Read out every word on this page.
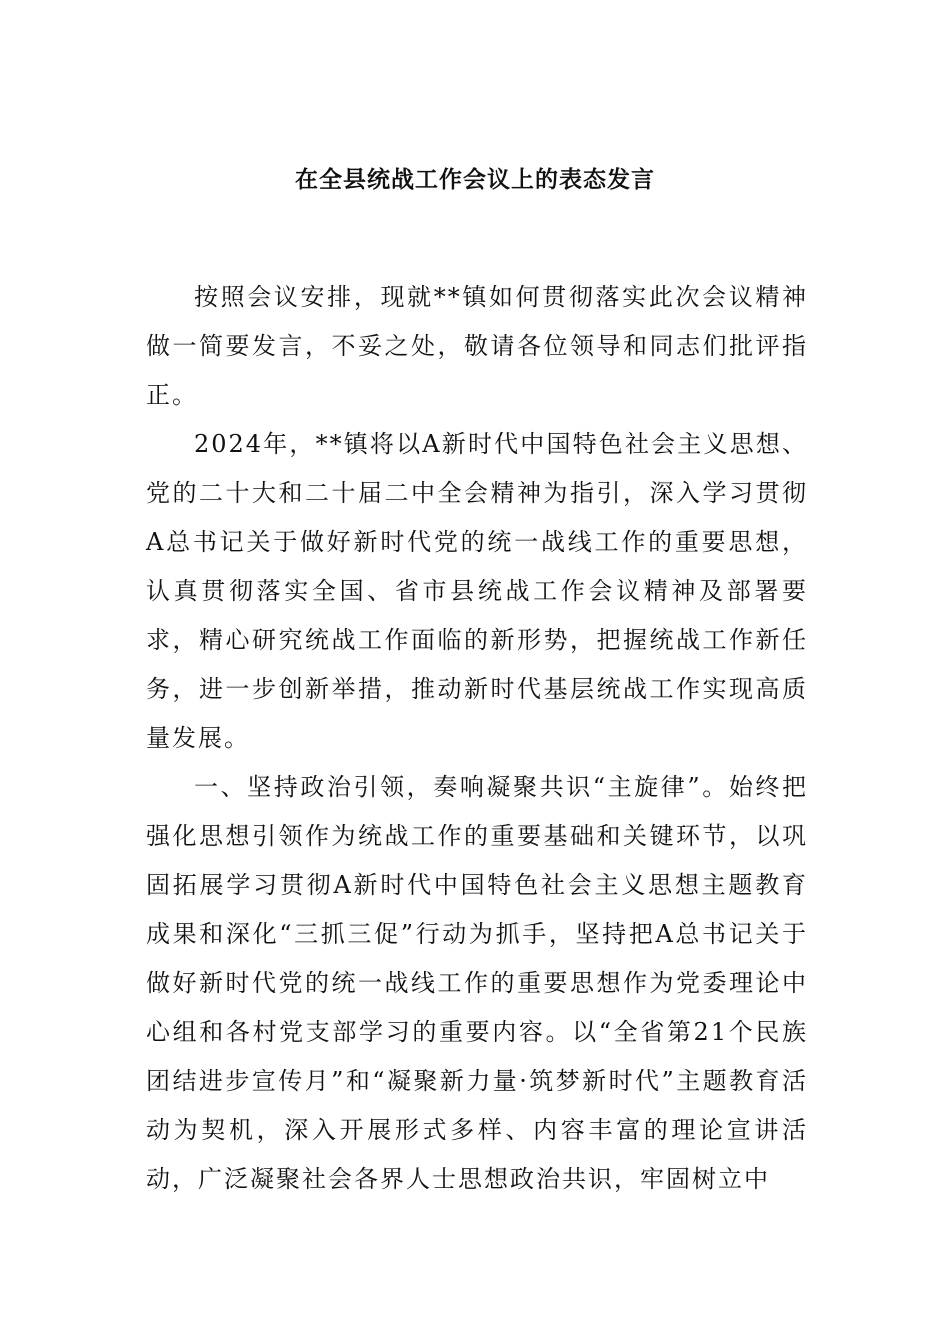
在全县统战工作会议上的表态发言

按照会议安排，现就**镇如何贯彻落实此次会议精神做一简要发言，不妥之处，敬请各位领导和同志们批评指正。

2024年，**镇将以A新时代中国特色社会主义思想、党的二十大和二十届二中全会精神为指引，深入学习贯彻A总书记关于做好新时代党的统一战线工作的重要思想，认真贯彻落实全国、省市县统战工作会议精神及部署要求，精心研究统战工作面临的新形势，把握统战工作新任务，进一步创新举措，推动新时代基层统战工作实现高质量发展。

一、坚持政治引领，奏响凝聚共识“主旋律”。始终把强化思想引领作为统战工作的重要基础和关键环节，以巩固拓展学习贯彻A新时代中国特色社会主义思想主题教育成果和深化“三抓三促”行动为抓手，坚持把A总书记关于做好新时代党的统一战线工作的重要思想作为党委理论中心组和各村党支部学习的重要内容。以“全省第21个民族团结进步宣传月”和“凝聚新力量·筑梦新时代”主题教育活动为契机，深入开展形式多样、内容丰富的理论宣讲活动，广泛凝聚社会各界人士思想政治共识，牢固树立中
